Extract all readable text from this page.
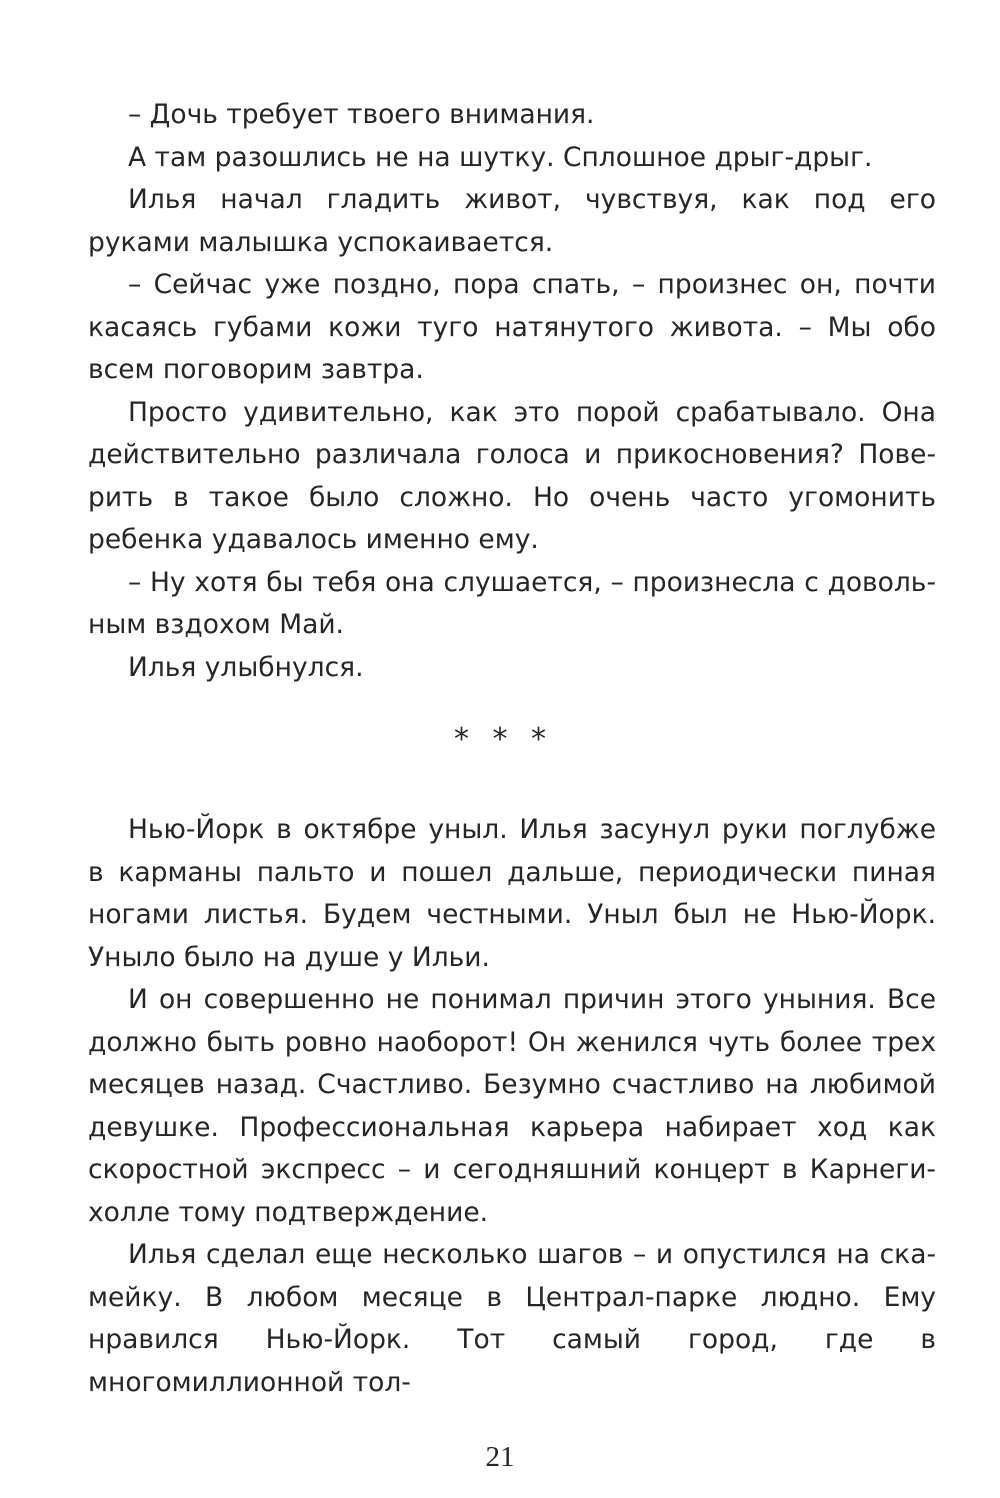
– Дочь требует твоего внимания.

А там разошлись не на шутку. Сплошное дрыг-дрыг.

Илья начал гладить живот, чувствуя, как под его руками малышка успокаивается.

– Сейчас уже поздно, пора спать, – произнес он, почти касаясь губами кожи туго натянутого живота. – Мы обо всем поговорим завтра.

Просто удивительно, как это порой срабатывало. Она действительно различала голоса и прикосновения? Поверить в такое было сложно. Но очень часто угомонить ребенка удавалось именно ему.

– Ну хотя бы тебя она слушается, – произнесла с довольным вздохом Май.

Илья улыбнулся.

* * *

Нью-Йорк в октябре уныл. Илья засунул руки поглубже в карманы пальто и пошел дальше, периодически пиная ногами листья. Будем честными. Уныл был не Нью-Йорк. Уныло было на душе у Ильи.

И он совершенно не понимал причин этого уныния. Все должно быть ровно наоборот! Он женился чуть более трех месяцев назад. Счастливо. Безумно счастливо на любимой девушке. Профессиональная карьера набирает ход как скоростной экспресс – и сегодняшний концерт в Карнеги-холле тому подтверждение.

Илья сделал еще несколько шагов – и опустился на скамейку. В любом месяце в Централ-парке людно. Ему нравился Нью-Йорк. Тот самый город, где в многомиллионной тол-

21
